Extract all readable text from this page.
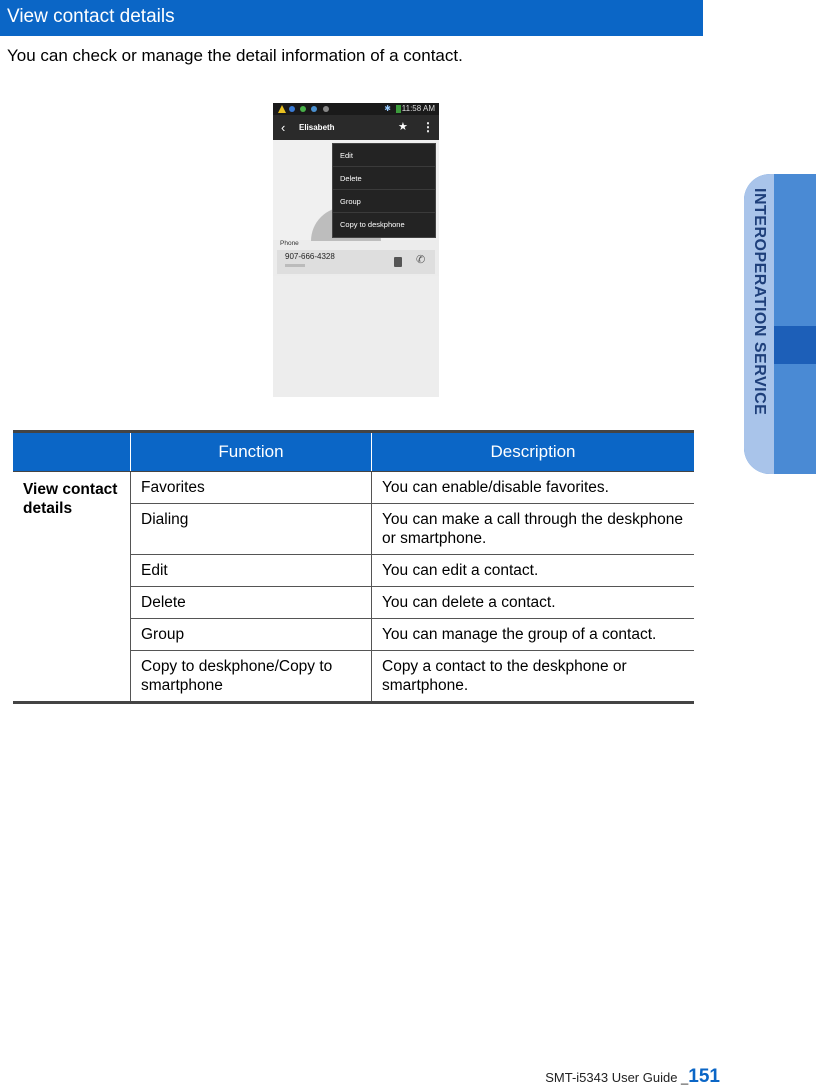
View contact details
You can check or manage the detail information of a contact.
✱ 11:58 AM
‹ Elisabeth	★ ⋮
Edit
Delete
Group
Copy to deskphone
Phone
907-666-4328	✆
	Function	Description
View contact details	Favorites	You can enable/disable favorites.
	Dialing	You can make a call through the deskphone or smartphone.
	Edit	You can edit a contact.
	Delete	You can delete a contact.
	Group	You can manage the group of a contact.
	Copy to deskphone/Copy to smartphone	Copy a contact to the deskphone or smartphone.
INTEROPERATION SERVICE
SMT-i5343 User Guide _151
